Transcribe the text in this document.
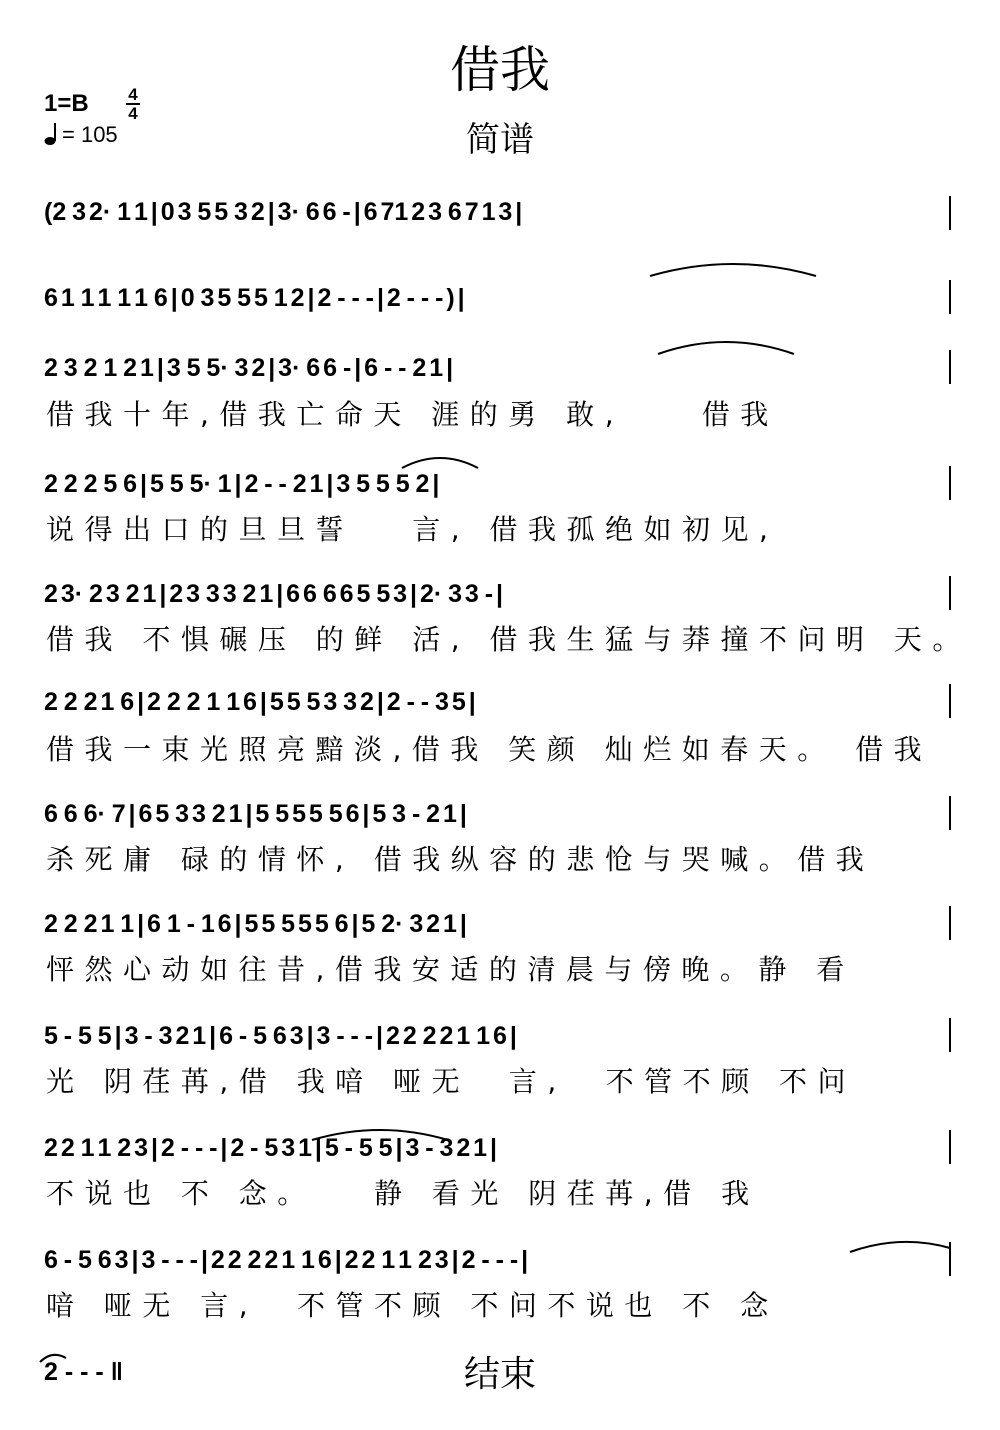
借我
简谱
1=B 4
4
= 105
(2  3 2·  1 1 | 0 3  5 5  3 2 | 3·  6 6  - | 6 71 2 3  6 7 1 3 |
6 1  1 1  1 1  6 | 0  3 5  5 5  1 2 | 2  -  -  - | 2  -  -  - ) |
2  3  2  1  2 1 | 3  5  5·  3 2 | 3·  6 6  - | 6  -  -  2 1 |
借我十年,借我亡命天 涯的勇 敢,    借我
2  2  2  5  6 | 5  5  5·  1 | 2  -  -  2 1 | 3  5  5  5  2 |
说得出口的旦旦誓   言, 借我孤绝如初见,
2 3·  2 3  2 1 | 2 3  3 3  2 1 | 6 6  6 6 5  5 3 | 2·  3 3  - |
借我 不惧碾压 的鲜 活, 借我生猛与莽撞不问明 天。
2  2  2 1  6 | 2  2  2  1  1 6 | 5 5  5 3  3 2 | 2  -  -  3 5 |
借我一束光照亮黯淡,借我 笑颜 灿烂如春天。 借我
6  6  6·  7 | 6 5  3 3  2 1 | 5  5 5 5  5 6 | 5  3  -  2 1 |
杀死庸 碌的情怀, 借我纵容的悲怆与哭喊。借我
2  2  2 1  1 | 6  1  -  1 6 | 5 5  5 5 5  6 | 5  2·  3 2 1 |
怦然心动如往昔,借我安适的清晨与傍晚。静 看
5  -  5  5 | 3  -  3 2 1 | 6  -  5  6 3 | 3  -  -  - | 2 2  2 2 1  1 6 |
光 阴荏苒,借 我喑 哑无  言,  不管不顾 不问
2 2  1 1  2 3 | 2  -  -  - | 2  -  5 3 1 | 5  -  5  5 | 3  -  3 2 1 |
不说也 不 念。   静 看光 阴荏苒,借 我
6  -  5  6 3 | 3  -  -  - | 2 2  2 2 1  1 6 | 2 2  1 1  2 3 | 2  -  -  - |
喑 哑无 言,  不管不顾 不问不说也 不 念
2 - - - ‖	结束
